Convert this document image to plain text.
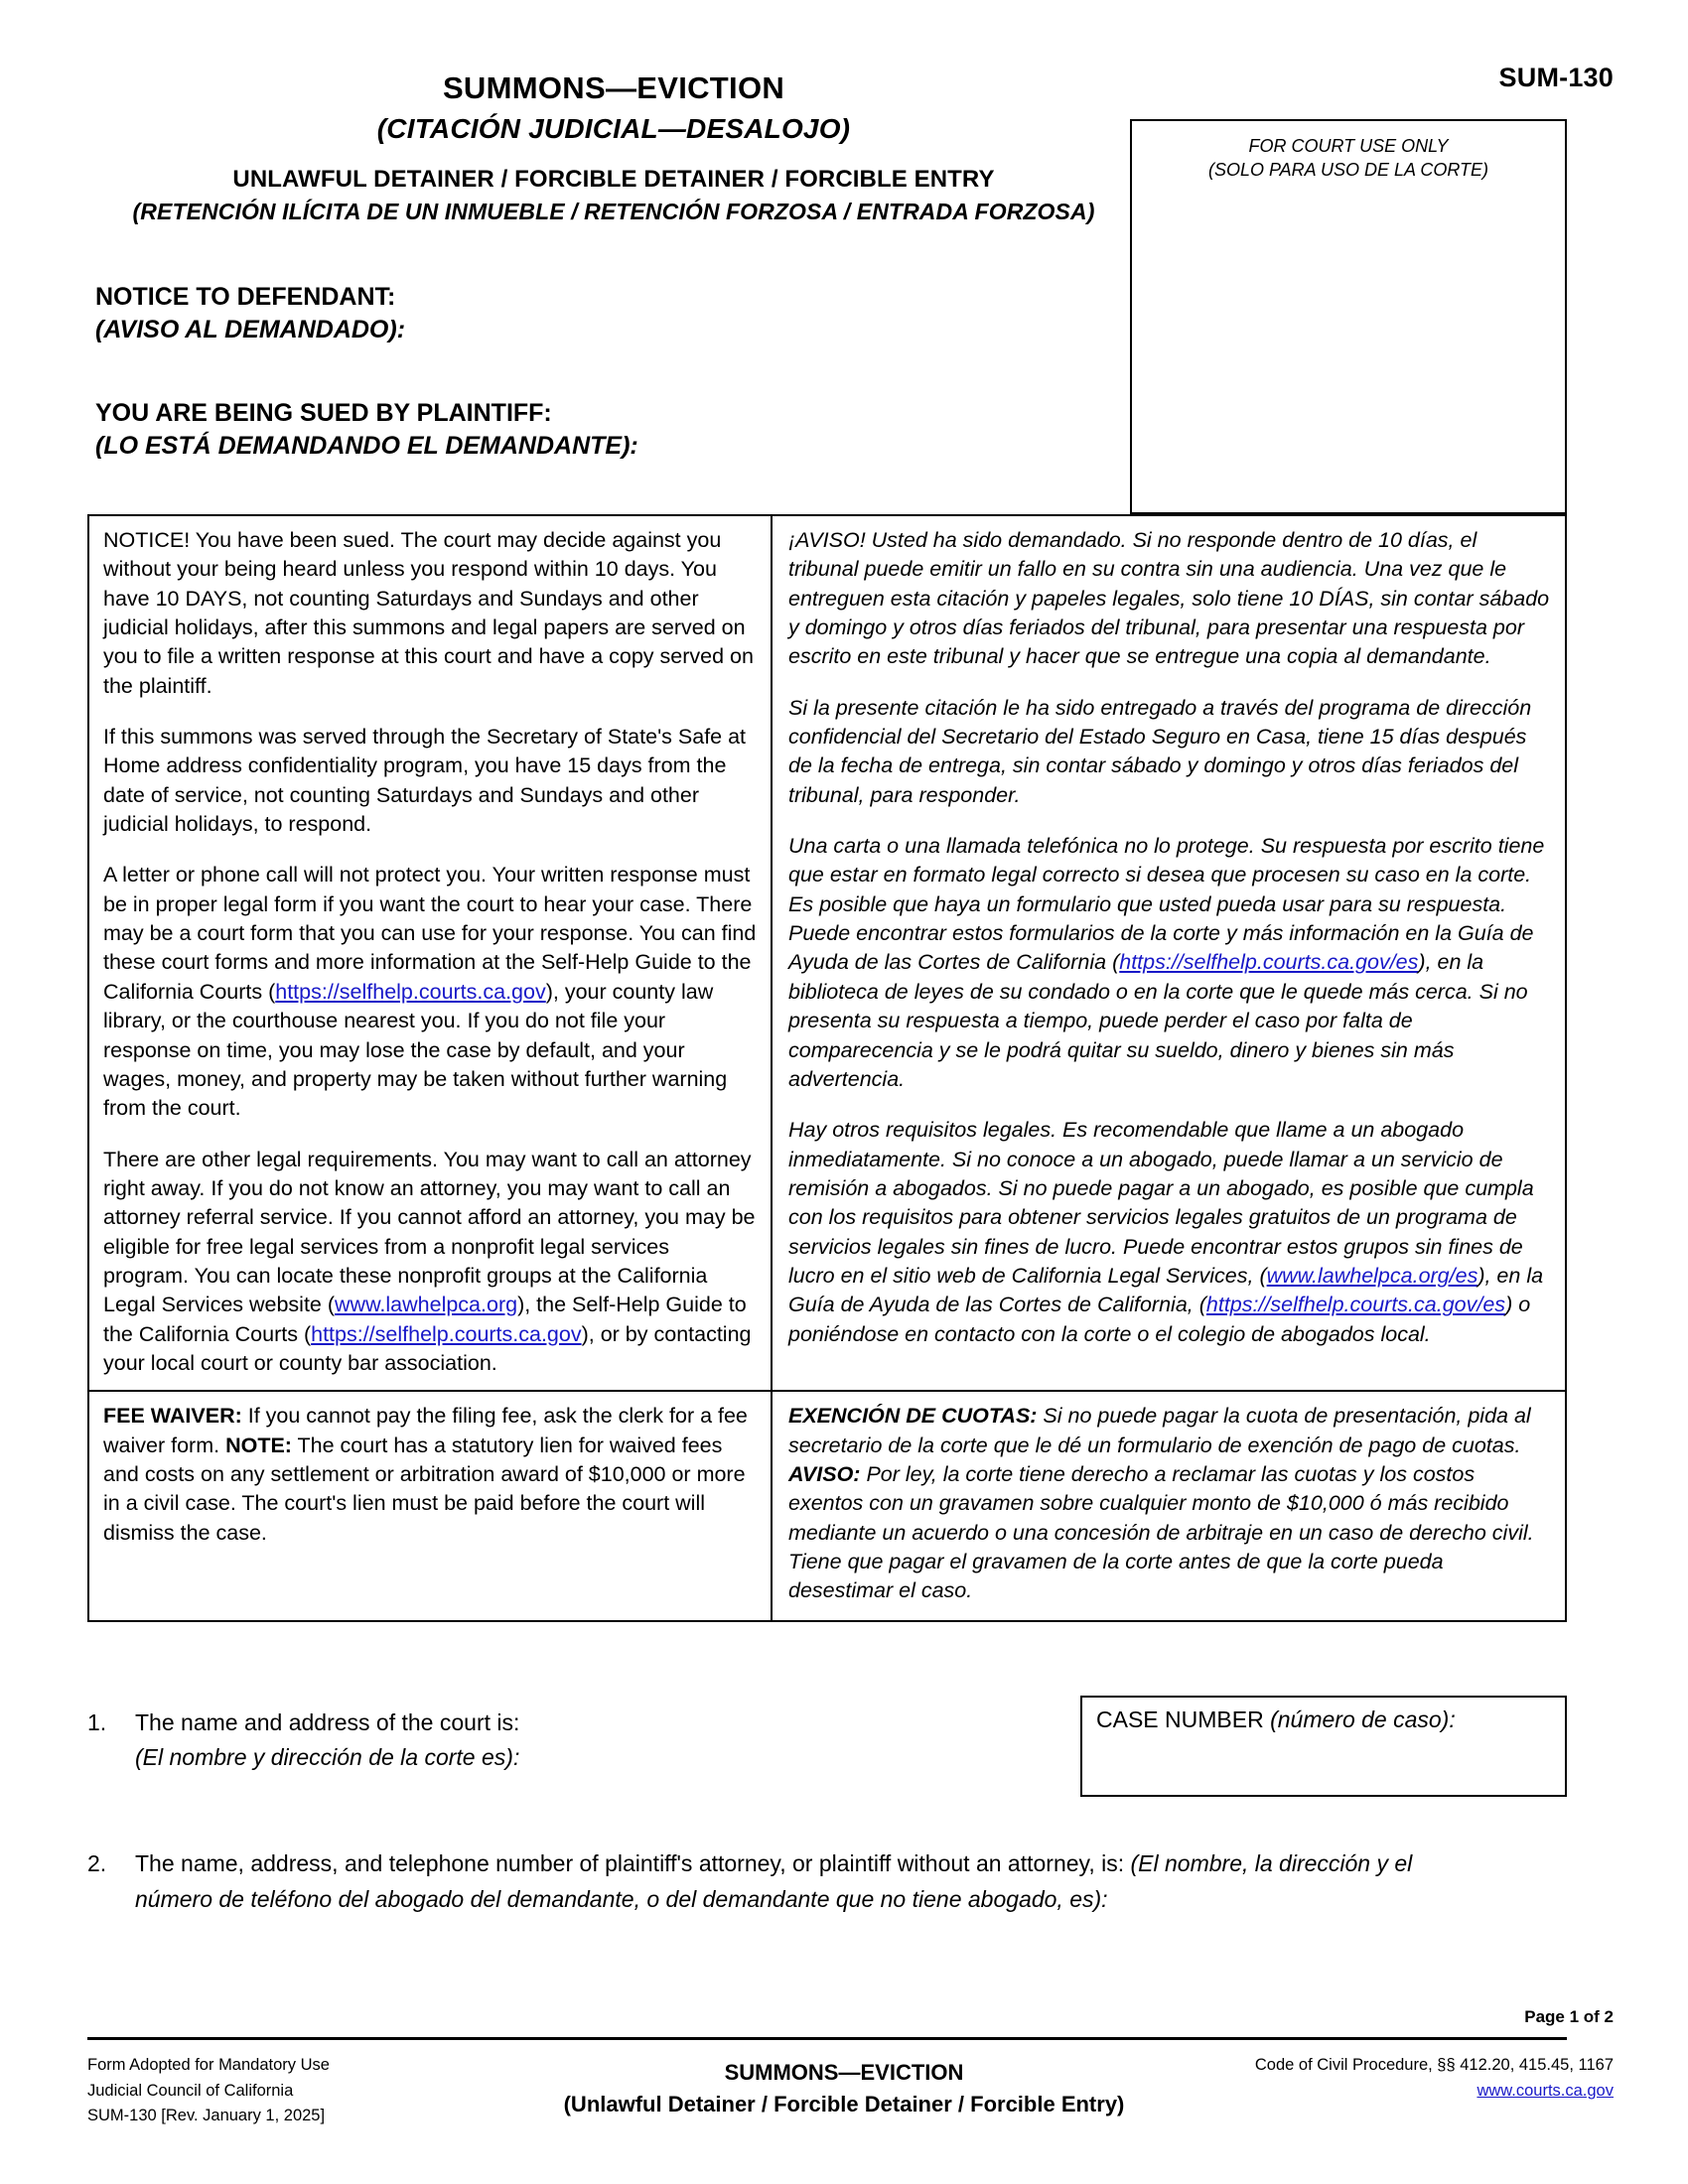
SUM-130
SUMMONS—EVICTION
(CITACIÓN JUDICIAL—DESALOJO)
UNLAWFUL DETAINER / FORCIBLE DETAINER / FORCIBLE ENTRY
(RETENCIÓN ILÍCITA DE UN INMUEBLE / RETENCIÓN FORZOSA / ENTRADA FORZOSA)
FOR COURT USE ONLY
(SOLO PARA USO DE LA CORTE)
NOTICE TO DEFENDANT:
(AVISO AL DEMANDADO):
YOU ARE BEING SUED BY PLAINTIFF:
(LO ESTÁ DEMANDANDO EL DEMANDANTE):

NOTICE! You have been sued. The court may decide against you without your being heard unless you respond within 10 days. You have 10 DAYS, not counting Saturdays and Sundays and other judicial holidays, after this summons and legal papers are served on you to file a written response at this court and have a copy served on the plaintiff.

If this summons was served through the Secretary of State's Safe at Home address confidentiality program, you have 15 days from the date of service, not counting Saturdays and Sundays and other judicial holidays, to respond.

A letter or phone call will not protect you. Your written response must be in proper legal form if you want the court to hear your case. There may be a court form that you can use for your response. You can find these court forms and more information at the Self-Help Guide to the California Courts (https://selfhelp.courts.ca.gov), your county law library, or the courthouse nearest you. If you do not file your response on time, you may lose the case by default, and your wages, money, and property may be taken without further warning from the court.

There are other legal requirements. You may want to call an attorney right away. If you do not know an attorney, you may want to call an attorney referral service. If you cannot afford an attorney, you may be eligible for free legal services from a nonprofit legal services program. You can locate these nonprofit groups at the California Legal Services website (www.lawhelpca.org), the Self-Help Guide to the California Courts (https://selfhelp.courts.ca.gov), or by contacting your local court or county bar association.

¡AVISO! Usted ha sido demandado. Si no responde dentro de 10 días, el tribunal puede emitir un fallo en su contra sin una audiencia. Una vez que le entreguen esta citación y papeles legales, solo tiene 10 DÍAS, sin contar sábado y domingo y otros días feriados del tribunal, para presentar una respuesta por escrito en este tribunal y hacer que se entregue una copia al demandante.

Si la presente citación le ha sido entregado a través del programa de dirección confidencial del Secretario del Estado Seguro en Casa, tiene 15 días después de la fecha de entrega, sin contar sábado y domingo y otros días feriados del tribunal, para responder.

Una carta o una llamada telefónica no lo protege. Su respuesta por escrito tiene que estar en formato legal correcto si desea que procesen su caso en la corte. Es posible que haya un formulario que usted pueda usar para su respuesta. Puede encontrar estos formularios de la corte y más información en la Guía de Ayuda de las Cortes de California (https://selfhelp.courts.ca.gov/es), en la biblioteca de leyes de su condado o en la corte que le quede más cerca. Si no presenta su respuesta a tiempo, puede perder el caso por falta de comparecencia y se le podrá quitar su sueldo, dinero y bienes sin más advertencia.

Hay otros requisitos legales. Es recomendable que llame a un abogado inmediatamente. Si no conoce a un abogado, puede llamar a un servicio de remisión a abogados. Si no puede pagar a un abogado, es posible que cumpla con los requisitos para obtener servicios legales gratuitos de un programa de servicios legales sin fines de lucro. Puede encontrar estos grupos sin fines de lucro en el sitio web de California Legal Services, (www.lawhelpca.org/es), en la Guía de Ayuda de las Cortes de California, (https://selfhelp.courts.ca.gov/es) o poniéndose en contacto con la corte o el colegio de abogados local.

FEE WAIVER: If you cannot pay the filing fee, ask the clerk for a fee waiver form. NOTE: The court has a statutory lien for waived fees and costs on any settlement or arbitration award of $10,000 or more in a civil case. The court's lien must be paid before the court will dismiss the case.
EXENCIÓN DE CUOTAS: Si no puede pagar la cuota de presentación, pida al secretario de la corte que le dé un formulario de exención de pago de cuotas. AVISO: Por ley, la corte tiene derecho a reclamar las cuotas y los costos exentos con un gravamen sobre cualquier monto de $10,000 ó más recibido mediante un acuerdo o una concesión de arbitraje en un caso de derecho civil. Tiene que pagar el gravamen de la corte antes de que la corte pueda desestimar el caso.
1.	The name and address of the court is:
(El nombre y dirección de la corte es):
CASE NUMBER (número de caso):
2.	The name, address, and telephone number of plaintiff's attorney, or plaintiff without an attorney, is: (El nombre, la dirección y el
número de teléfono del abogado del demandante, o del demandante que no tiene abogado, es):
Page 1 of 2
Form Adopted for Mandatory Use
Judicial Council of California
SUM-130 [Rev. January 1, 2025]
SUMMONS—EVICTION
(Unlawful Detainer / Forcible Detainer / Forcible Entry)
Code of Civil Procedure, §§ 412.20, 415.45, 1167
www.courts.ca.gov
